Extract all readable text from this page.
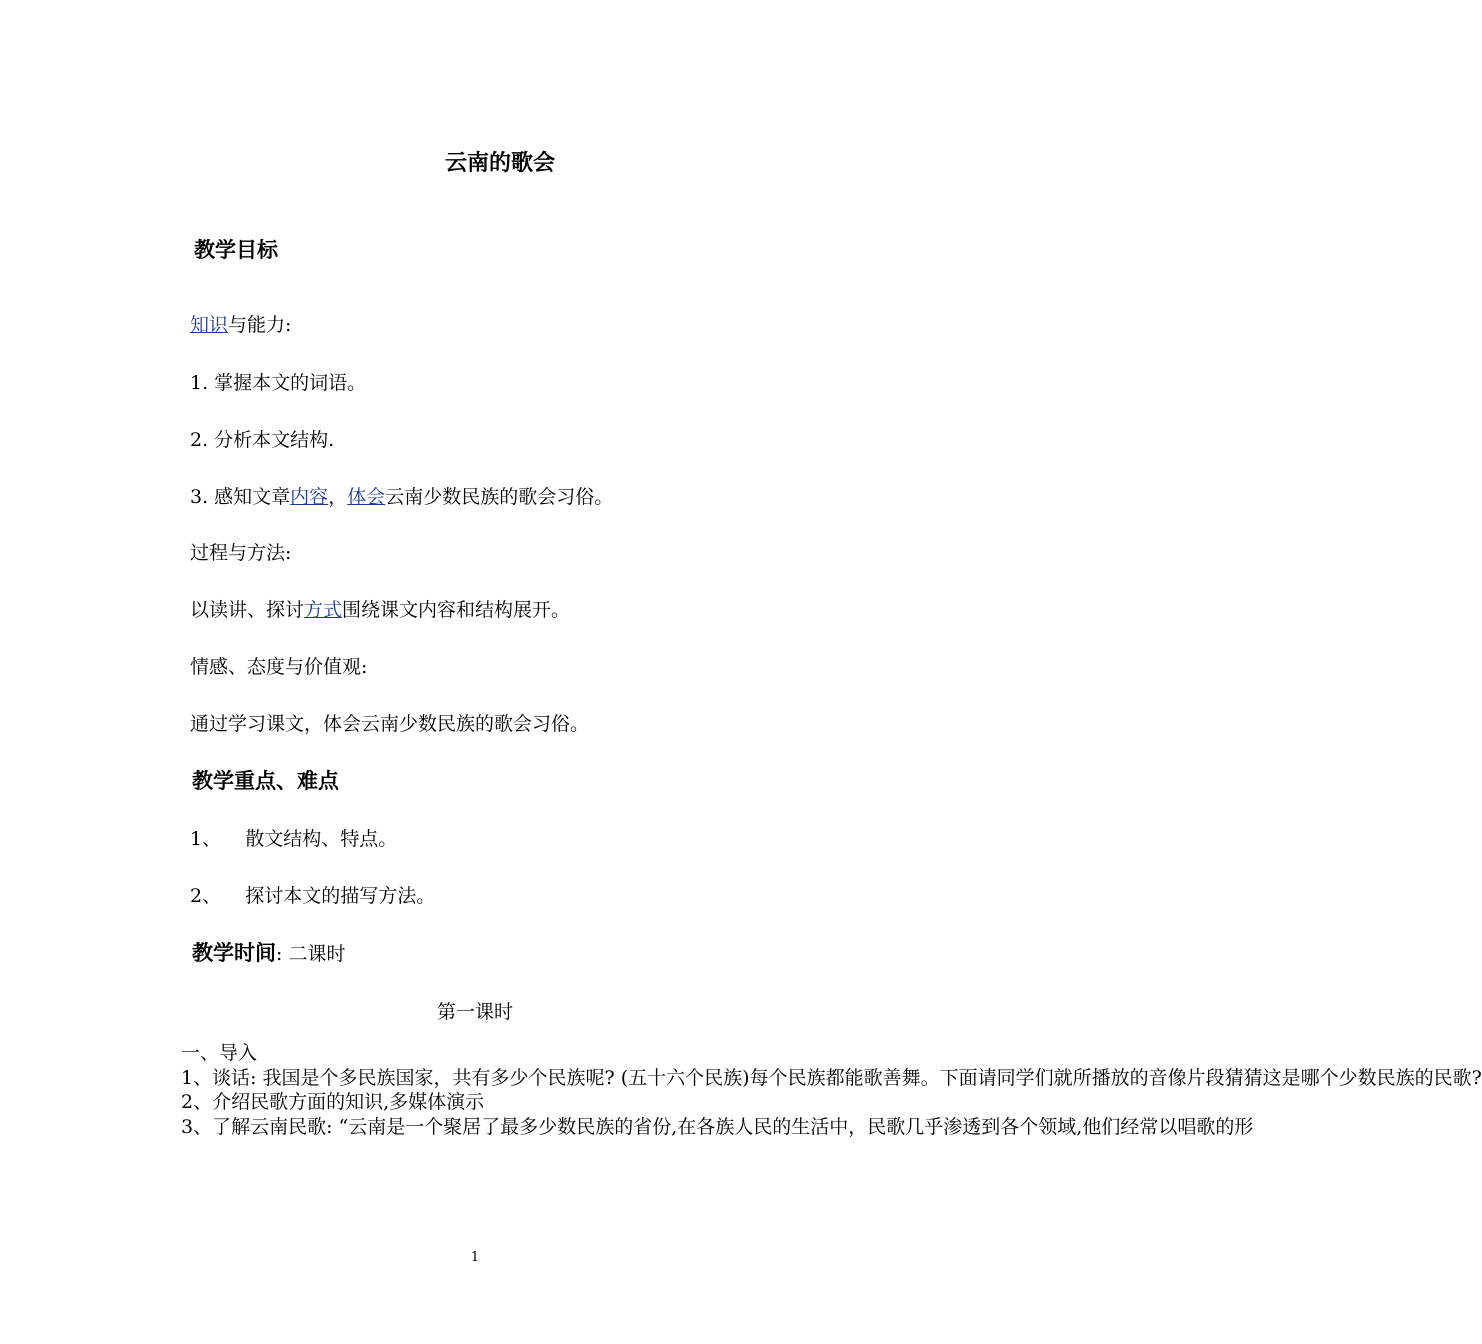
云南的歌会
教学目标
知识与能力:
1. 掌握本文的词语。
2. 分析本文结构.
3. 感知文章内容，体会云南少数民族的歌会习俗。
过程与方法:
以读讲、探讨方式围绕课文内容和结构展开。
情感、态度与价值观:
通过学习课文，体会云南少数民族的歌会习俗。
教学重点、难点
1、    散文结构、特点。
2、    探讨本文的描写方法。
教学时间: 二课时
第一课时

一、导入

1、谈话: 我国是个多民族国家，共有多少个民族呢? (五十六个民族)每个民族都能歌善舞。下面请同学们就所播放的音像片段猜猜这是哪个少数民族的民歌?

2、介绍民歌方面的知识,多媒体演示

3、了解云南民歌: “云南是一个聚居了最多少数民族的省份,在各族人民的生活中，民歌几乎渗透到各个领域,他们经常以唱歌的形

1
